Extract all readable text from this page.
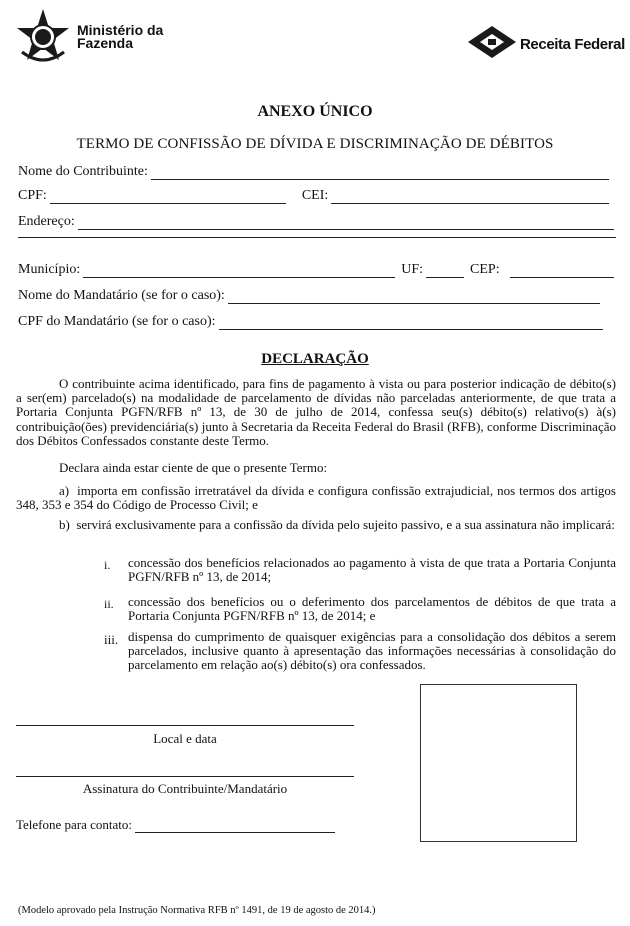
Ministério da
Fazenda	Receita Federal
ANEXO ÚNICO
TERMO DE CONFISSÃO DE DÍVIDA E DISCRIMINAÇÃO DE DÉBITOS
Nome do Contribuinte:
CPF:	CEI:
Endereço:
Município:	UF:	CEP:
Nome do Mandatário (se for o caso):
CPF do Mandatário (se for o caso):
DECLARAÇÃO
O contribuinte acima identificado, para fins de pagamento à vista ou para posterior indicação de débito(s) a ser(em) parcelado(s) na modalidade de parcelamento de dívidas não parceladas anteriormente, de que trata a Portaria Conjunta PGFN/RFB nº 13, de 30 de julho de 2014, confessa seu(s) débito(s) relativo(s) à(s) contribuição(ões) previdenciária(s) junto à Secretaria da Receita Federal do Brasil (RFB), conforme Discriminação dos Débitos Confessados constante deste Termo.
Declara ainda estar ciente de que o presente Termo:
a)  importa em confissão irretratável da dívida e configura confissão extrajudicial, nos termos dos artigos 348, 353 e 354 do Código de Processo Civil; e
b)  servirá exclusivamente para a confissão da dívida pelo sujeito passivo, e a sua assinatura não implicará:
i. concessão dos benefícios relacionados ao pagamento à vista de que trata a Portaria Conjunta PGFN/RFB nº 13, de 2014;
ii. concessão dos benefícios ou o deferimento dos parcelamentos de débitos de que trata a Portaria Conjunta PGFN/RFB nº 13, de 2014; e
iii. dispensa do cumprimento de quaisquer exigências para a consolidação dos débitos a serem parcelados, inclusive quanto à apresentação das informações necessárias à consolidação do parcelamento em relação ao(s) débito(s) ora confessados.
Local e data
Assinatura do Contribuinte/Mandatário
Telefone para contato:
(Modelo aprovado pela Instrução Normativa RFB nº 1491, de 19 de agosto de 2014.)
